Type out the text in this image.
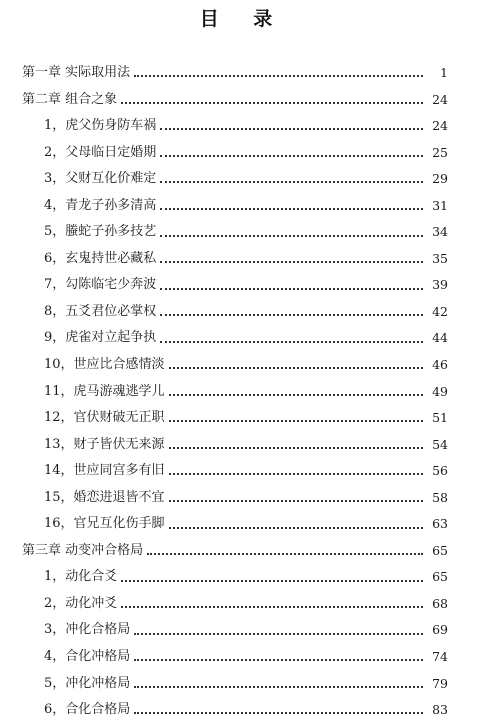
目 录
第一章 实际取用法	1
第二章 组合之象	24
1，虎父伤身防车祸	24
2，父母临日定婚期	25
3，父财互化价难定	29
4，青龙子孙多清高	31
5，螣蛇子孙多技艺	34
6，玄鬼持世必藏私	35
7，勾陈临宅少奔波	39
8，五爻君位必掌权	42
9，虎雀对立起争执	44
10，世应比合感情淡	46
11，虎马游魂逃学儿	49
12，官伏财破无正职	51
13，财子皆伏无来源	54
14，世应同宫多有旧	56
15，婚恋进退皆不宜	58
16，官兄互化伤手脚	63
第三章 动变冲合格局	65
1，动化合爻	65
2，动化冲爻	68
3，冲化合格局	69
4，合化冲格局	74
5，冲化冲格局	79
6，合化合格局	83
